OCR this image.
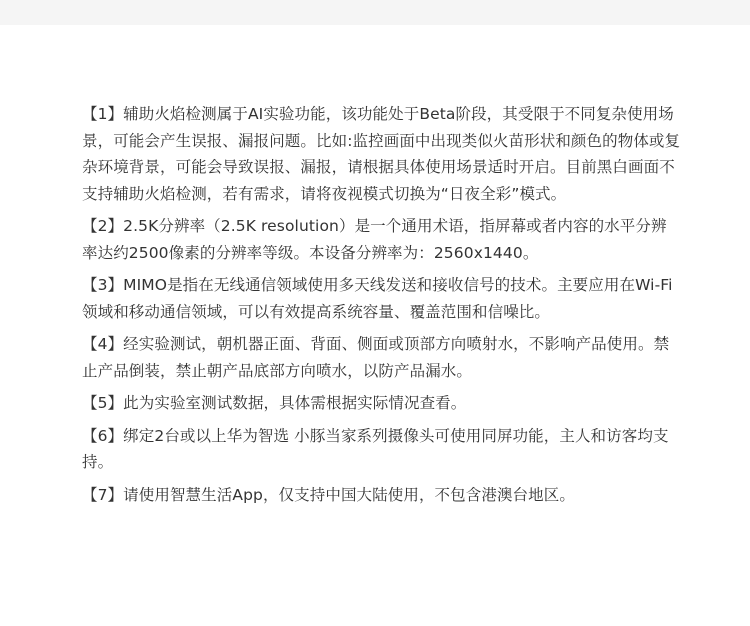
【1】辅助火焰检测属于AI实验功能，该功能处于Beta阶段，其受限于不同复杂使用场景，可能会产生误报、漏报问题。比如:监控画面中出现类似火苗形状和颜色的物体或复杂环境背景，可能会导致误报、漏报，请根据具体使用场景适时开启。目前黑白画面不支持辅助火焰检测，若有需求，请将夜视模式切换为“日夜全彩”模式。

【2】2.5K分辨率（2.5K resolution）是一个通用术语，指屏幕或者内容的水平分辨率达约2500像素的分辨率等级。本设备分辨率为：2560x1440。

【3】MIMO是指在无线通信领域使用多天线发送和接收信号的技术。主要应用在Wi-Fi领域和移动通信领域，可以有效提高系统容量、覆盖范围和信噪比。

【4】经实验测试，朝机器正面、背面、侧面或顶部方向喷射水，不影响产品使用。禁止产品倒装，禁止朝产品底部方向喷水，以防产品漏水。

【5】此为实验室测试数据，具体需根据实际情况查看。

【6】绑定2台或以上华为智选 小豚当家系列摄像头可使用同屏功能，主人和访客均支持。

【7】请使用智慧生活App，仅支持中国大陆使用，不包含港澳台地区。
